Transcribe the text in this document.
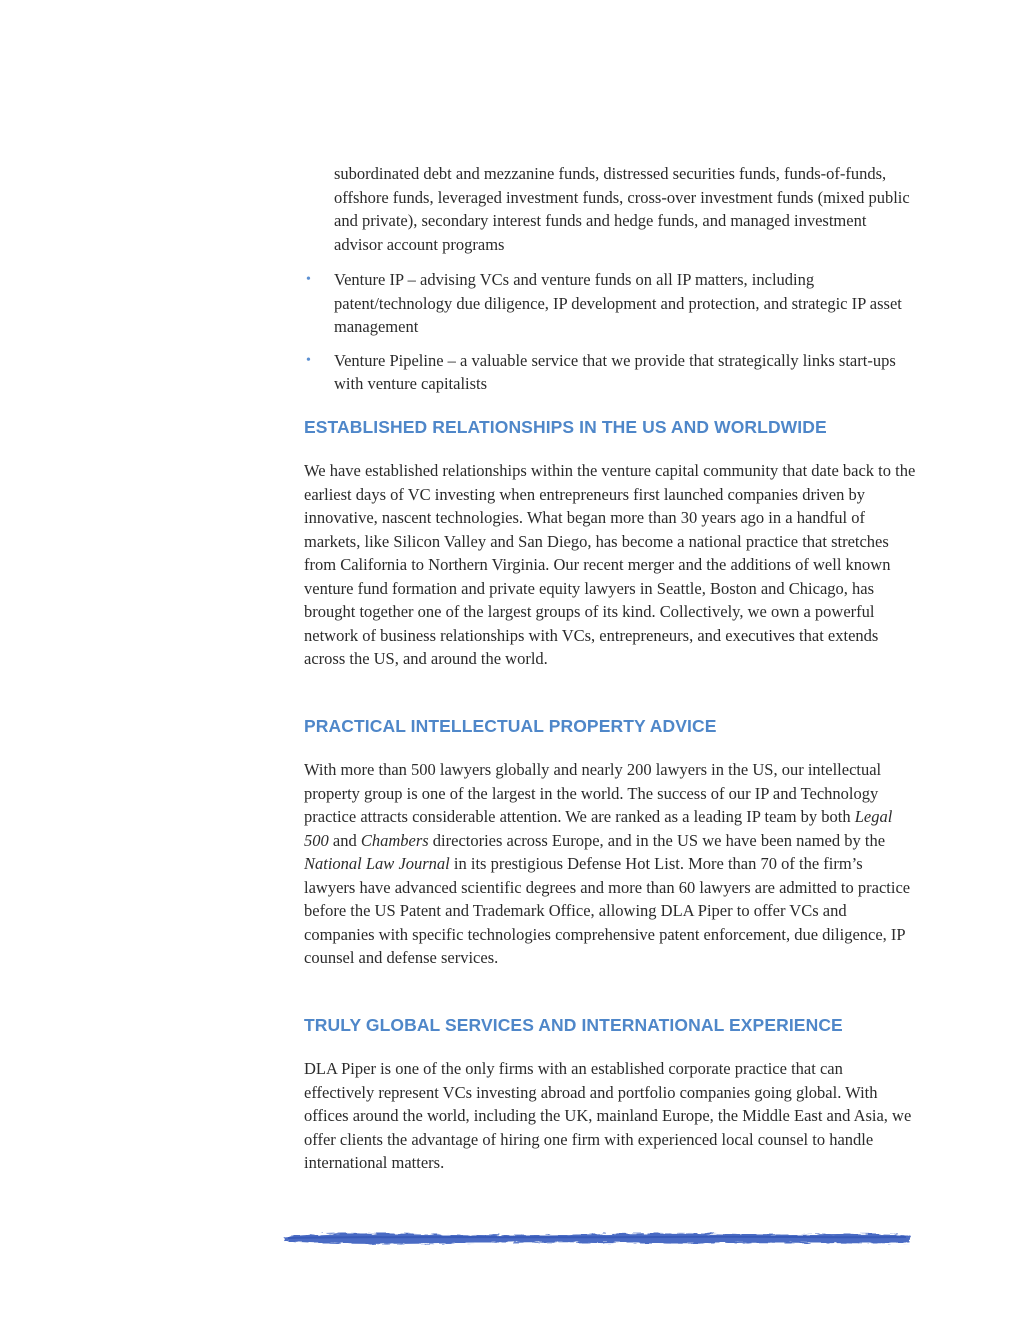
subordinated debt and mezzanine funds, distressed securities funds, funds-of-funds, offshore funds, leveraged investment funds, cross-over investment funds (mixed public and private), secondary interest funds and hedge funds, and managed investment advisor account programs

• Venture IP – advising VCs and venture funds on all IP matters, including patent/technology due diligence, IP development and protection, and strategic IP asset management
• Venture Pipeline – a valuable service that we provide that strategically links start-ups with venture capitalists
ESTABLISHED RELATIONSHIPS IN THE US AND WORLDWIDE

We have established relationships within the venture capital community that date back to the earliest days of VC investing when entrepreneurs first launched companies driven by innovative, nascent technologies. What began more than 30 years ago in a handful of markets, like Silicon Valley and San Diego, has become a national practice that stretches from California to Northern Virginia. Our recent merger and the additions of well known venture fund formation and private equity lawyers in Seattle, Boston and Chicago, has brought together one of the largest groups of its kind. Collectively, we own a powerful network of business relationships with VCs, entrepreneurs, and executives that extends across the US, and around the world.

PRACTICAL INTELLECTUAL PROPERTY ADVICE

With more than 500 lawyers globally and nearly 200 lawyers in the US, our intellectual property group is one of the largest in the world. The success of our IP and Technology practice attracts considerable attention. We are ranked as a leading IP team by both Legal 500 and Chambers directories across Europe, and in the US we have been named by the National Law Journal in its prestigious Defense Hot List. More than 70 of the firm’s lawyers have advanced scientific degrees and more than 60 lawyers are admitted to practice before the US Patent and Trademark Office, allowing DLA Piper to offer VCs and companies with specific technologies comprehensive patent enforcement, due diligence, IP counsel and defense services.

TRULY GLOBAL SERVICES AND INTERNATIONAL EXPERIENCE

DLA Piper is one of the only firms with an established corporate practice that can effectively represent VCs investing abroad and portfolio companies going global. With offices around the world, including the UK, mainland Europe, the Middle East and Asia, we offer clients the advantage of hiring one firm with experienced local counsel to handle international matters.
